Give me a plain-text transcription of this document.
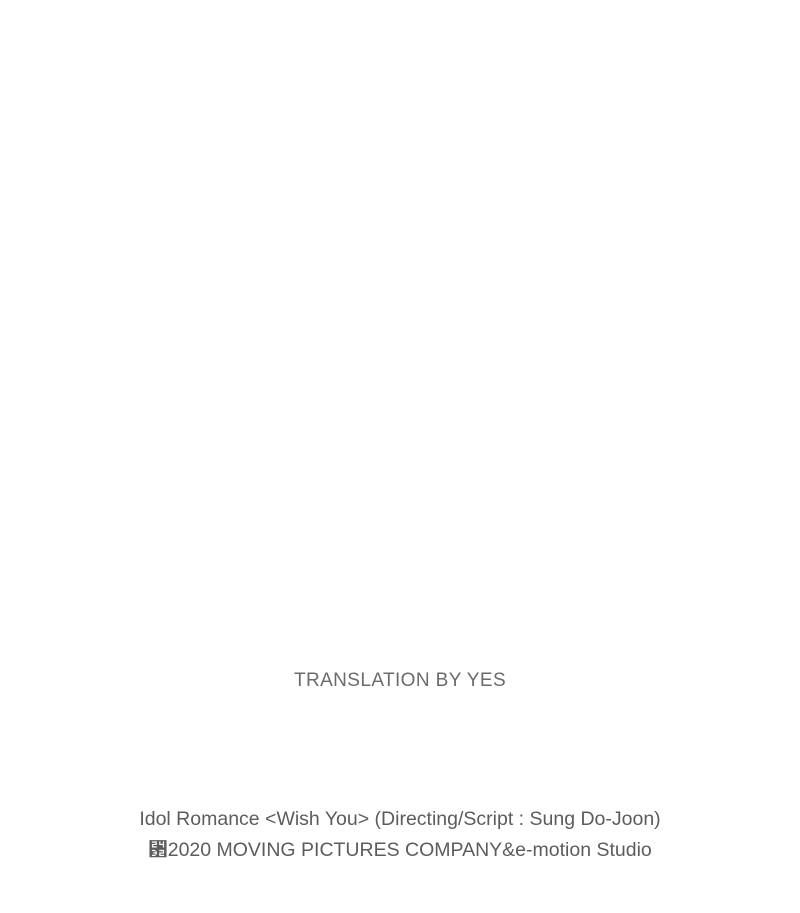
TRANSLATION BY YES
Idol Romance <Wish You> (Directing/Script : Sung Do-Joon)
␲2020 MOVING PICTURES COMPANY&e-motion Studio
